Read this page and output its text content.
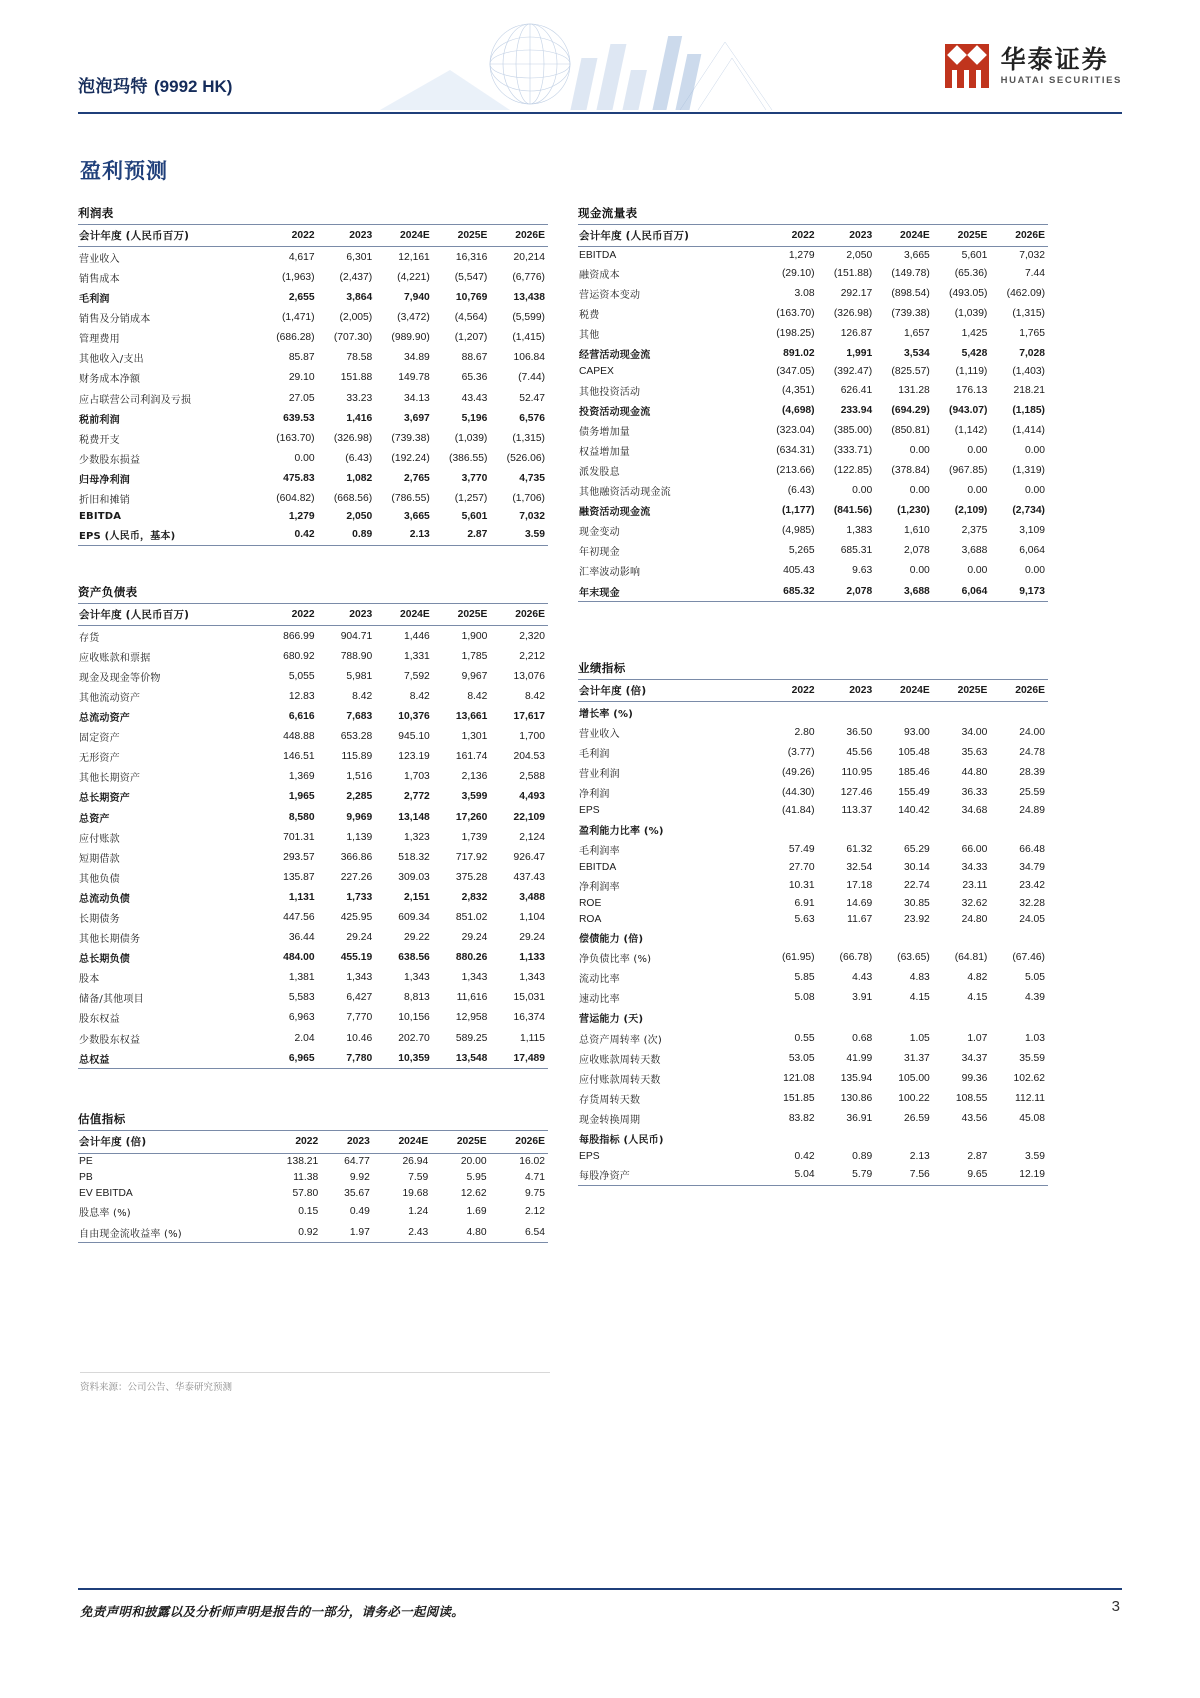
泡泡玛特 (9992 HK)
华泰证券
HUATAI SECURITIES
盈利预测
利润表
会计年度 (人民币百万)	2022	2023	2024E	2025E	2026E
营业收入	4,617	6,301	12,161	16,316	20,214
销售成本	(1,963)	(2,437)	(4,221)	(5,547)	(6,776)
毛利润	2,655	3,864	7,940	10,769	13,438
销售及分销成本	(1,471)	(2,005)	(3,472)	(4,564)	(5,599)
管理费用	(686.28)	(707.30)	(989.90)	(1,207)	(1,415)
其他收入/支出	85.87	78.58	34.89	88.67	106.84
财务成本净额	29.10	151.88	149.78	65.36	(7.44)
应占联营公司利润及亏损	27.05	33.23	34.13	43.43	52.47
税前利润	639.53	1,416	3,697	5,196	6,576
税费开支	(163.70)	(326.98)	(739.38)	(1,039)	(1,315)
少数股东损益	0.00	(6.43)	(192.24)	(386.55)	(526.06)
归母净利润	475.83	1,082	2,765	3,770	4,735
折旧和摊销	(604.82)	(668.56)	(786.55)	(1,257)	(1,706)
EBITDA	1,279	2,050	3,665	5,601	7,032
EPS (人民币，基本)	0.42	0.89	2.13	2.87	3.59
资产负债表
会计年度 (人民币百万)	2022	2023	2024E	2025E	2026E
存货	866.99	904.71	1,446	1,900	2,320
应收账款和票据	680.92	788.90	1,331	1,785	2,212
现金及现金等价物	5,055	5,981	7,592	9,967	13,076
其他流动资产	12.83	8.42	8.42	8.42	8.42
总流动资产	6,616	7,683	10,376	13,661	17,617
固定资产	448.88	653.28	945.10	1,301	1,700
无形资产	146.51	115.89	123.19	161.74	204.53
其他长期资产	1,369	1,516	1,703	2,136	2,588
总长期资产	1,965	2,285	2,772	3,599	4,493
总资产	8,580	9,969	13,148	17,260	22,109
应付账款	701.31	1,139	1,323	1,739	2,124
短期借款	293.57	366.86	518.32	717.92	926.47
其他负债	135.87	227.26	309.03	375.28	437.43
总流动负债	1,131	1,733	2,151	2,832	3,488
长期债务	447.56	425.95	609.34	851.02	1,104
其他长期债务	36.44	29.24	29.22	29.24	29.24
总长期负债	484.00	455.19	638.56	880.26	1,133
股本	1,381	1,343	1,343	1,343	1,343
储备/其他项目	5,583	6,427	8,813	11,616	15,031
股东权益	6,963	7,770	10,156	12,958	16,374
少数股东权益	2.04	10.46	202.70	589.25	1,115
总权益	6,965	7,780	10,359	13,548	17,489
估值指标
会计年度 (倍)	2022	2023	2024E	2025E	2026E
PE	138.21	64.77	26.94	20.00	16.02
PB	11.38	9.92	7.59	5.95	4.71
EV EBITDA	57.80	35.67	19.68	12.62	9.75
股息率 (%)	0.15	0.49	1.24	1.69	2.12
自由现金流收益率 (%)	0.92	1.97	2.43	4.80	6.54
现金流量表
会计年度 (人民币百万)	2022	2023	2024E	2025E	2026E
EBITDA	1,279	2,050	3,665	5,601	7,032
融资成本	(29.10)	(151.88)	(149.78)	(65.36)	7.44
营运资本变动	3.08	292.17	(898.54)	(493.05)	(462.09)
税费	(163.70)	(326.98)	(739.38)	(1,039)	(1,315)
其他	(198.25)	126.87	1,657	1,425	1,765
经营活动现金流	891.02	1,991	3,534	5,428	7,028
CAPEX	(347.05)	(392.47)	(825.57)	(1,119)	(1,403)
其他投资活动	(4,351)	626.41	131.28	176.13	218.21
投资活动现金流	(4,698)	233.94	(694.29)	(943.07)	(1,185)
债务增加量	(323.04)	(385.00)	(850.81)	(1,142)	(1,414)
权益增加量	(634.31)	(333.71)	0.00	0.00	0.00
派发股息	(213.66)	(122.85)	(378.84)	(967.85)	(1,319)
其他融资活动现金流	(6.43)	0.00	0.00	0.00	0.00
融资活动现金流	(1,177)	(841.56)	(1,230)	(2,109)	(2,734)
现金变动	(4,985)	1,383	1,610	2,375	3,109
年初现金	5,265	685.31	2,078	3,688	6,064
汇率波动影响	405.43	9.63	0.00	0.00	0.00
年末现金	685.32	2,078	3,688	6,064	9,173
业绩指标
会计年度 (倍)	2022	2023	2024E	2025E	2026E
增长率 (%)					
营业收入	2.80	36.50	93.00	34.00	24.00
毛利润	(3.77)	45.56	105.48	35.63	24.78
营业利润	(49.26)	110.95	185.46	44.80	28.39
净利润	(44.30)	127.46	155.49	36.33	25.59
EPS	(41.84)	113.37	140.42	34.68	24.89
盈利能力比率 (%)					
毛利润率	57.49	61.32	65.29	66.00	66.48
EBITDA	27.70	32.54	30.14	34.33	34.79
净利润率	10.31	17.18	22.74	23.11	23.42
ROE	6.91	14.69	30.85	32.62	32.28
ROA	5.63	11.67	23.92	24.80	24.05
偿债能力 (倍)					
净负债比率 (%)	(61.95)	(66.78)	(63.65)	(64.81)	(67.46)
流动比率	5.85	4.43	4.83	4.82	5.05
速动比率	5.08	3.91	4.15	4.15	4.39
营运能力 (天)					
总资产周转率 (次)	0.55	0.68	1.05	1.07	1.03
应收账款周转天数	53.05	41.99	31.37	34.37	35.59
应付账款周转天数	121.08	135.94	105.00	99.36	102.62
存货周转天数	151.85	130.86	100.22	108.55	112.11
现金转换周期	83.82	36.91	26.59	43.56	45.08
每股指标 (人民币)					
EPS	0.42	0.89	2.13	2.87	3.59
每股净资产	5.04	5.79	7.56	9.65	12.19
资料来源：公司公告、华泰研究预测
免责声明和披露以及分析师声明是报告的一部分，请务必一起阅读。	3
